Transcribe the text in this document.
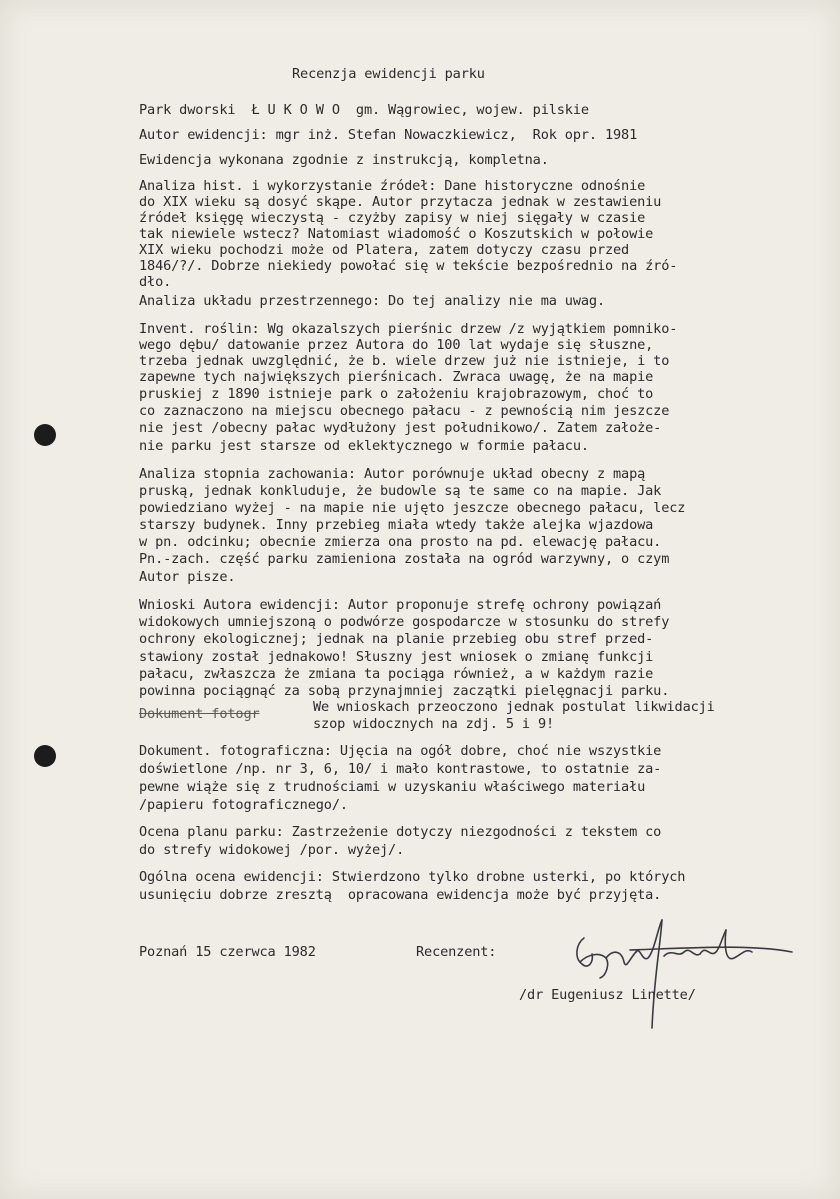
Recenzja ewidencji parku
Park dworski  Ł U K O W O  gm. Wągrowiec, wojew. pilskie
Autor ewidencji: mgr inż. Stefan Nowaczkiewicz,  Rok opr. 1981
Ewidencja wykonana zgodnie z instrukcją, kompletna.
Analiza hist. i wykorzystanie źródeł: Dane historyczne odnośnie
do XIX wieku są dosyć skąpe. Autor przytacza jednak w zestawieniu
źródeł księgę wieczystą - czyżby zapisy w niej sięgały w czasie
tak niewiele wstecz? Natomiast wiadomość o Koszutskich w połowie
XIX wieku pochodzi może od Platera, zatem dotyczy czasu przed
1846/?/. Dobrze niekiedy powołać się w tekście bezpośrednio na źró-
dło.
Analiza układu przestrzennego: Do tej analizy nie ma uwag.
Invent. roślin: Wg okazalszych pierśnic drzew /z wyjątkiem pomniko-
wego dębu/ datowanie przez Autora do 100 lat wydaje się słuszne,
trzeba jednak uwzględnić, że b. wiele drzew już nie istnieje, i to
zapewne tych największych pierśnicach. Zwraca uwagę, że na mapie
pruskiej z 1890 istnieje park o założeniu krajobrazowym, choć to
co zaznaczono na miejscu obecnego pałacu - z pewnością nim jeszcze
nie jest /obecny pałac wydłużony jest południkowo/. Zatem założe-
nie parku jest starsze od eklektycznego w formie pałacu.
Analiza stopnia zachowania: Autor porównuje układ obecny z mapą
pruską, jednak konkluduje, że budowle są te same co na mapie. Jak
powiedziano wyżej - na mapie nie ujęto jeszcze obecnego pałacu, lecz
starszy budynek. Inny przebieg miała wtedy także alejka wjazdowa
w pn. odcinku; obecnie zmierza ona prosto na pd. elewację pałacu.
Pn.-zach. część parku zamieniona została na ogród warzywny, o czym
Autor pisze.
Wnioski Autora ewidencji: Autor proponuje strefę ochrony powiązań
widokowych umniejszoną o podwórze gospodarcze w stosunku do strefy
ochrony ekologicznej; jednak na planie przebieg obu stref przed-
stawiony został jednakowo! Słuszny jest wniosek o zmianę funkcji
pałacu, zwłaszcza że zmiana ta pociąga również, a w każdym razie
powinna pociągnąć za sobą przynajmniej zaczątki pielęgnacji parku.
Dokument fotogr	We wnioskach przeoczono jednak postulat likwidacji
szop widocznych na zdj. 5 i 9!
Dokument. fotograficzna: Ujęcia na ogół dobre, choć nie wszystkie
doświetlone /np. nr 3, 6, 10/ i mało kontrastowe, to ostatnie za-
pewne wiąże się z trudnościami w uzyskaniu właściwego materiału
/papieru fotograficznego/.
Ocena planu parku: Zastrzeżenie dotyczy niezgodności z tekstem co
do strefy widokowej /por. wyżej/.
Ogólna ocena ewidencji: Stwierdzono tylko drobne usterki, po których
usunięciu dobrze zresztą  opracowana ewidencja może być przyjęta.
Poznań 15 czerwca 1982	Recenzent:
/dr Eugeniusz Linette/
